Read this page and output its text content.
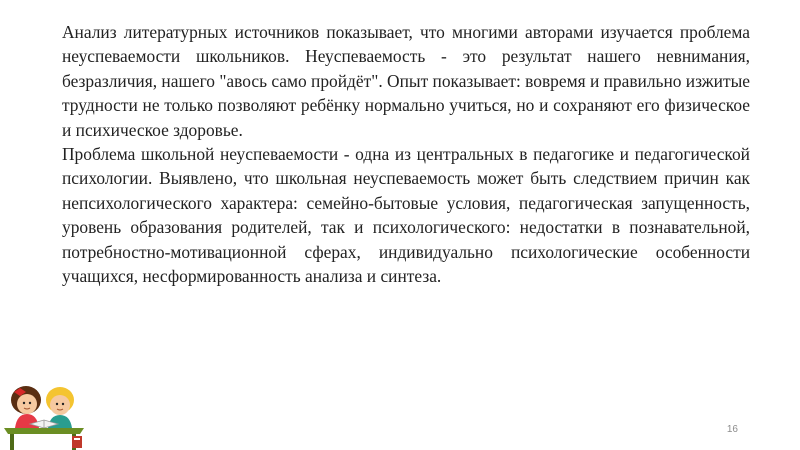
Анализ литературных источников показывает, что многими авторами изучается проблема неуспеваемости школьников. Неуспеваемость - это результат нашего невнимания, безразличия, нашего "авось само пройдёт". Опыт показывает: вовремя и правильно изжитые трудности не только позволяют ребёнку нормально учиться, но и сохраняют его физическое и психическое здоровье.

Проблема школьной неуспеваемости - одна из центральных в педагогике и педагогической психологии. Выявлено, что школьная неуспеваемость может быть следствием причин как непсихологического характера: семейно-бытовые условия, педагогическая запущенность, уровень образования родителей, так и психологического: недостатки в познавательной, потребностно-мотивационной сферах, индивидуально психологические особенности учащихся, несформированность анализа и синтеза.

16
